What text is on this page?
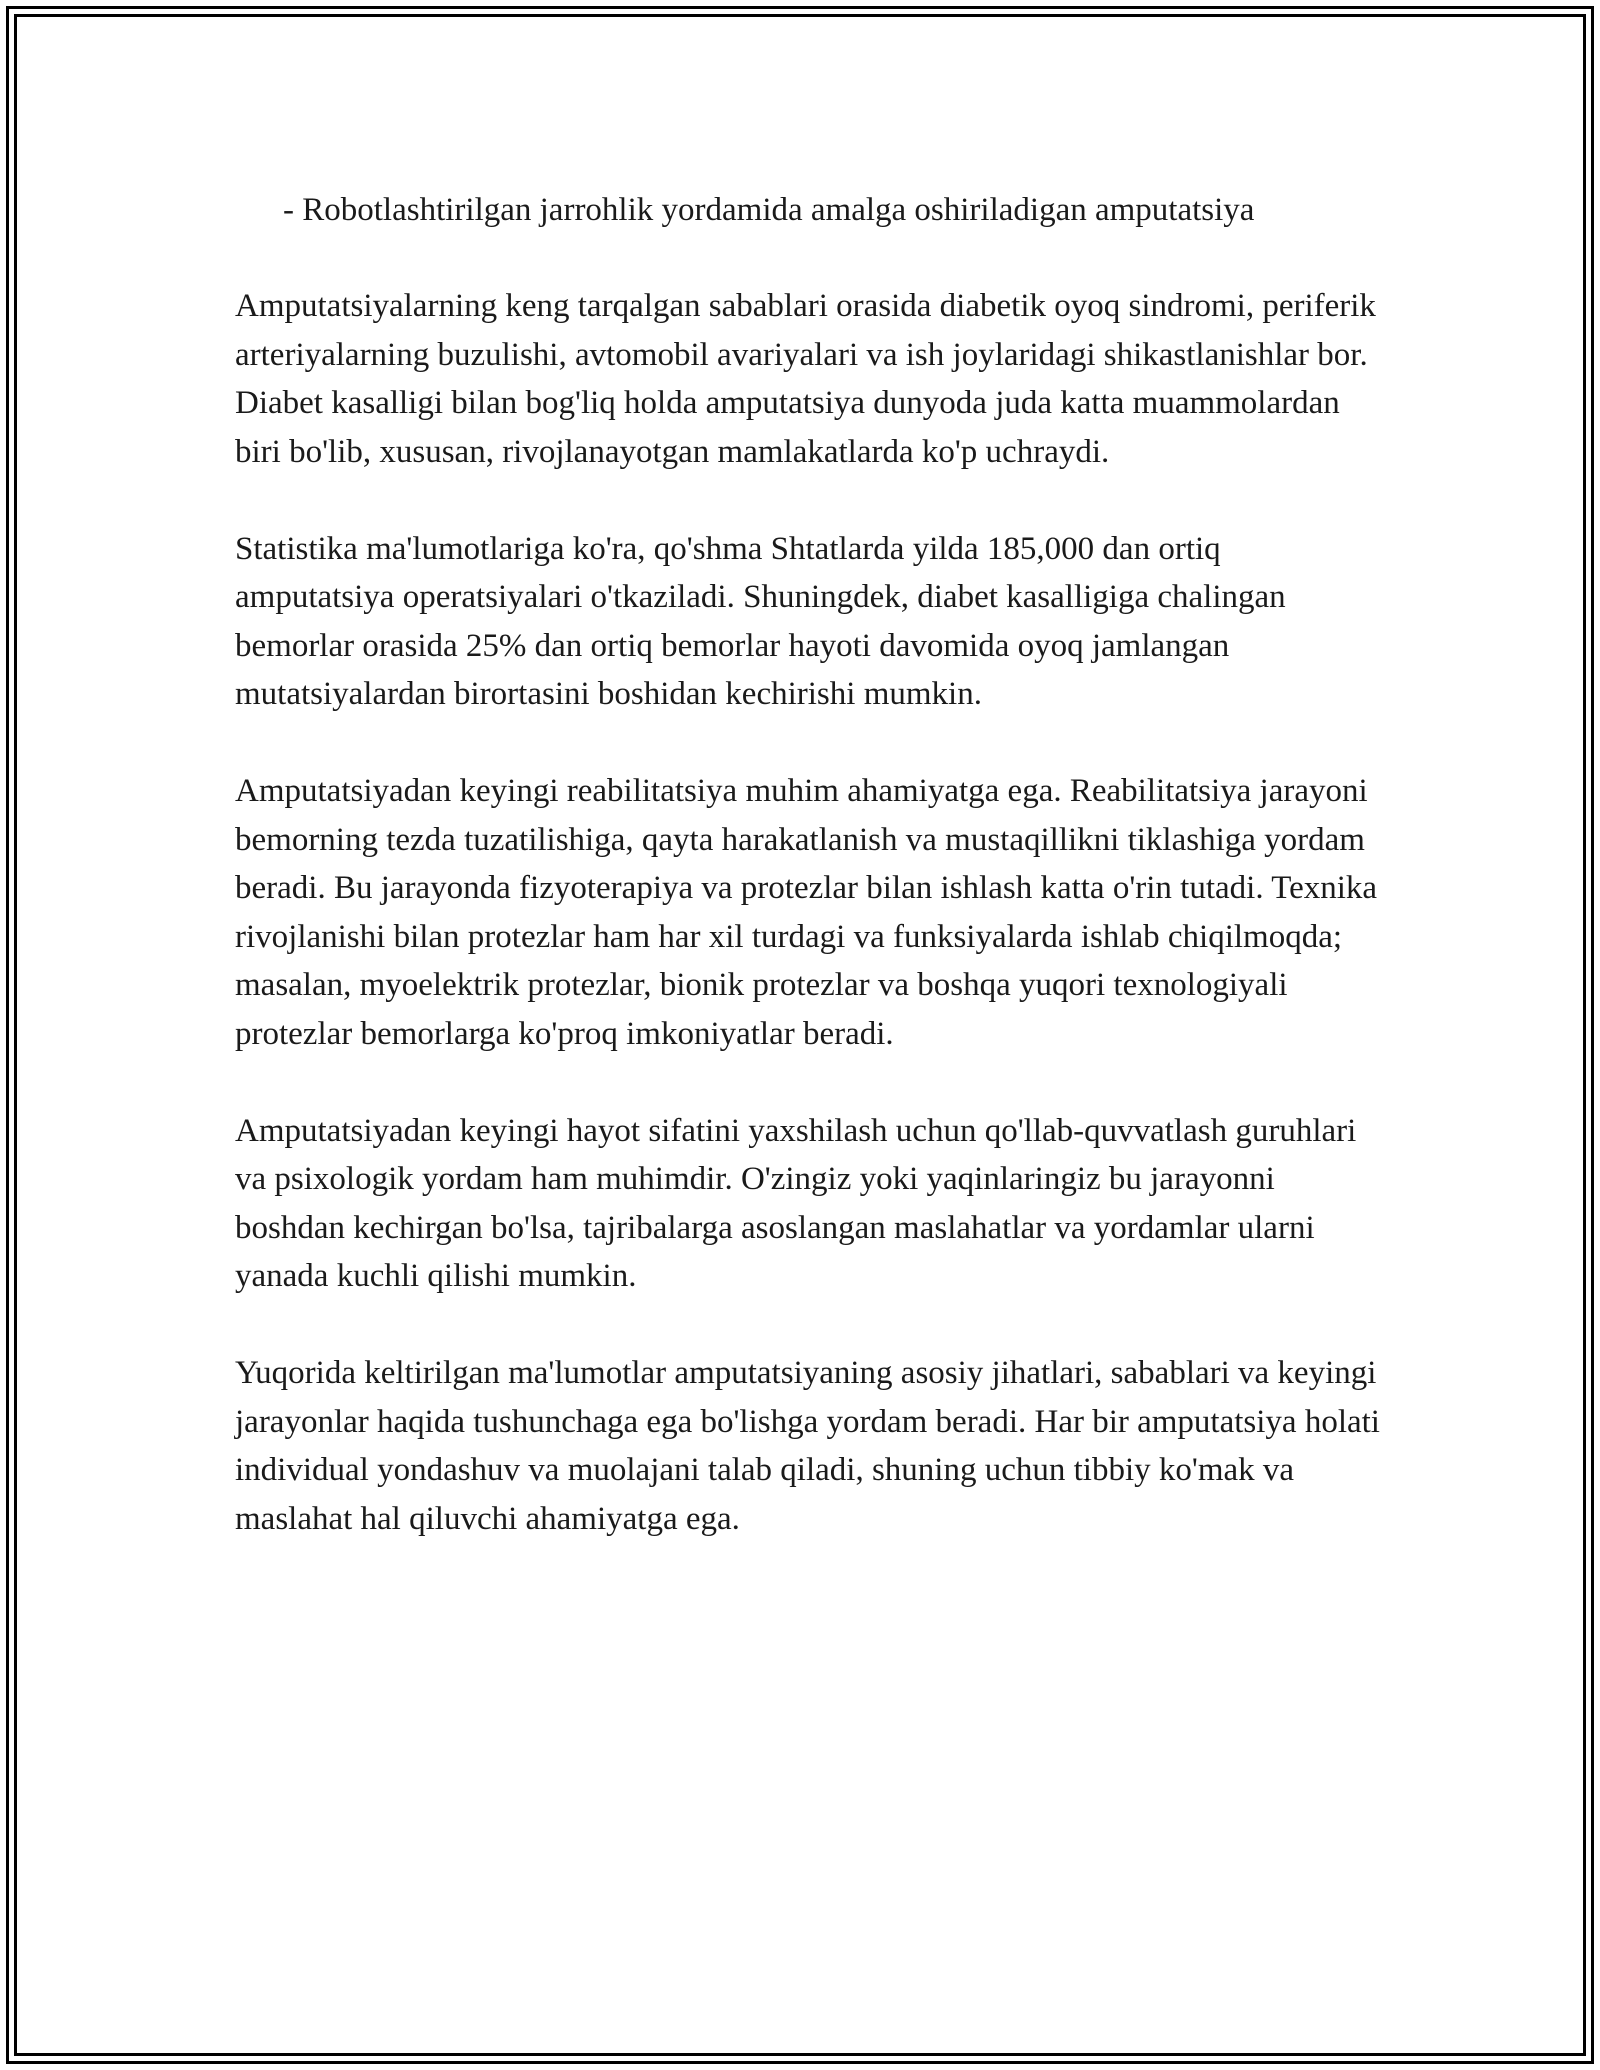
- Robotlashtirilgan jarrohlik yordamida amalga oshiriladigan amputatsiya

Amputatsiyalarning keng tarqalgan sabablari orasida diabetik oyoq sindromi, periferik arteriyalarning buzulishi, avtomobil avariyalari va ish joylaridagi shikastlanishlar bor. Diabet kasalligi bilan bog'liq holda amputatsiya dunyoda juda katta muammolardan biri bo'lib, xususan, rivojlanayotgan mamlakatlarda ko'p uchraydi.

Statistika ma'lumotlariga ko'ra, qo'shma Shtatlarda yilda 185,000 dan ortiq amputatsiya operatsiyalari o'tkaziladi. Shuningdek, diabet kasalligiga chalingan bemorlar orasida 25% dan ortiq bemorlar hayoti davomida oyoq jamlangan mutatsiyalardan birortasini boshidan kechirishi mumkin.

Amputatsiyadan keyingi reabilitatsiya muhim ahamiyatga ega. Reabilitatsiya jarayoni bemorning tezda tuzatilishiga, qayta harakatlanish va mustaqillikni tiklashiga yordam beradi. Bu jarayonda fizyoterapiya va protezlar bilan ishlash katta o'rin tutadi. Texnika rivojlanishi bilan protezlar ham har xil turdagi va funksiyalarda ishlab chiqilmoqda; masalan, myoelektrik protezlar, bionik protezlar va boshqa yuqori texnologiyali protezlar bemorlarga ko'proq imkoniyatlar beradi.

Amputatsiyadan keyingi hayot sifatini yaxshilash uchun qo'llab-quvvatlash guruhlari va psixologik yordam ham muhimdir. O'zingiz yoki yaqinlaringiz bu jarayonni boshdan kechirgan bo'lsa, tajribalarga asoslangan maslahatlar va yordamlar ularni yanada kuchli qilishi mumkin.

Yuqorida keltirilgan ma'lumotlar amputatsiyaning asosiy jihatlari, sabablari va keyingi jarayonlar haqida tushunchaga ega bo'lishga yordam beradi. Har bir amputatsiya holati individual yondashuv va muolajani talab qiladi, shuning uchun tibbiy ko'mak va maslahat hal qiluvchi ahamiyatga ega.
